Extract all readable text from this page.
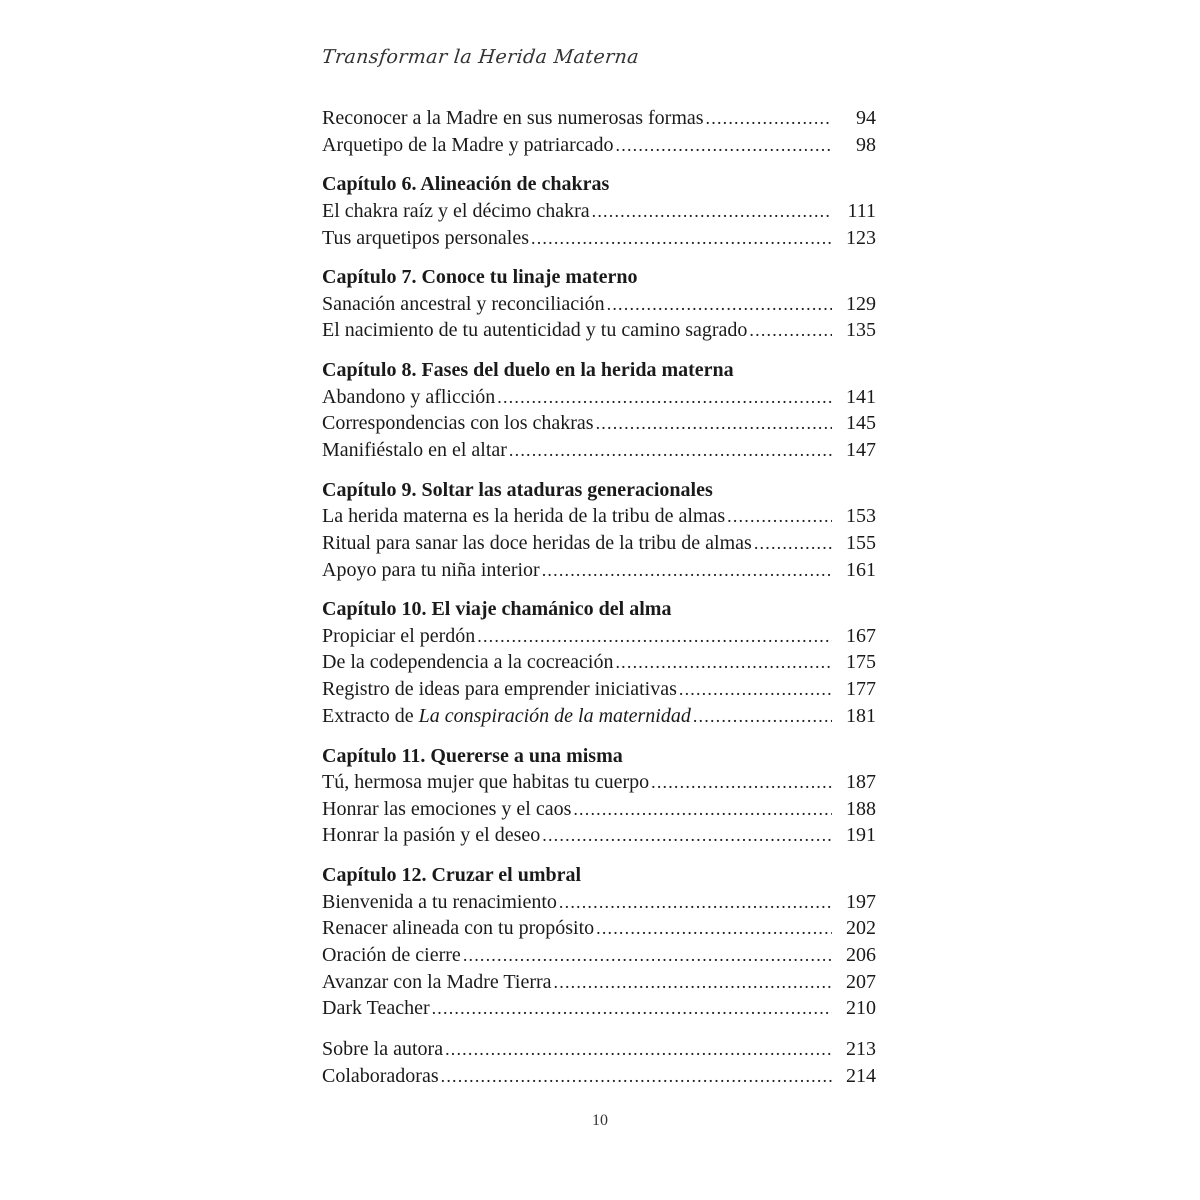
Transformar la Herida Materna
Reconocer a la Madre en sus numerosas formas .....	94
Arquetipo de la Madre y patriarcado .....	98
Capítulo 6. Alineación de chakras
El chakra raíz y el décimo chakra .....	111
Tus arquetipos personales .....	123
Capítulo 7. Conoce tu linaje materno
Sanación ancestral y reconciliación .....	129
El nacimiento de tu autenticidad y tu camino sagrado .....	135
Capítulo 8. Fases del duelo en la herida materna
Abandono y aflicción .....	141
Correspondencias con los chakras .....	145
Manifiéstalo en el altar .....	147
Capítulo 9. Soltar las ataduras generacionales
La herida materna es la herida de la tribu de almas .....	153
Ritual para sanar las doce heridas de la tribu de almas .....	155
Apoyo para tu niña interior .....	161
Capítulo 10. El viaje chamánico del alma
Propiciar el perdón .....	167
De la codependencia a la cocreación .....	175
Registro de ideas para emprender iniciativas .....	177
Extracto de La conspiración de la maternidad .....	181
Capítulo 11. Quererse a una misma
Tú, hermosa mujer que habitas tu cuerpo .....	187
Honrar las emociones y el caos .....	188
Honrar la pasión y el deseo .....	191
Capítulo 12. Cruzar el umbral
Bienvenida a tu renacimiento .....	197
Renacer alineada con tu propósito .....	202
Oración de cierre .....	206
Avanzar con la Madre Tierra .....	207
Dark Teacher .....	210
Sobre la autora .....	213
Colaboradoras .....	214
10
